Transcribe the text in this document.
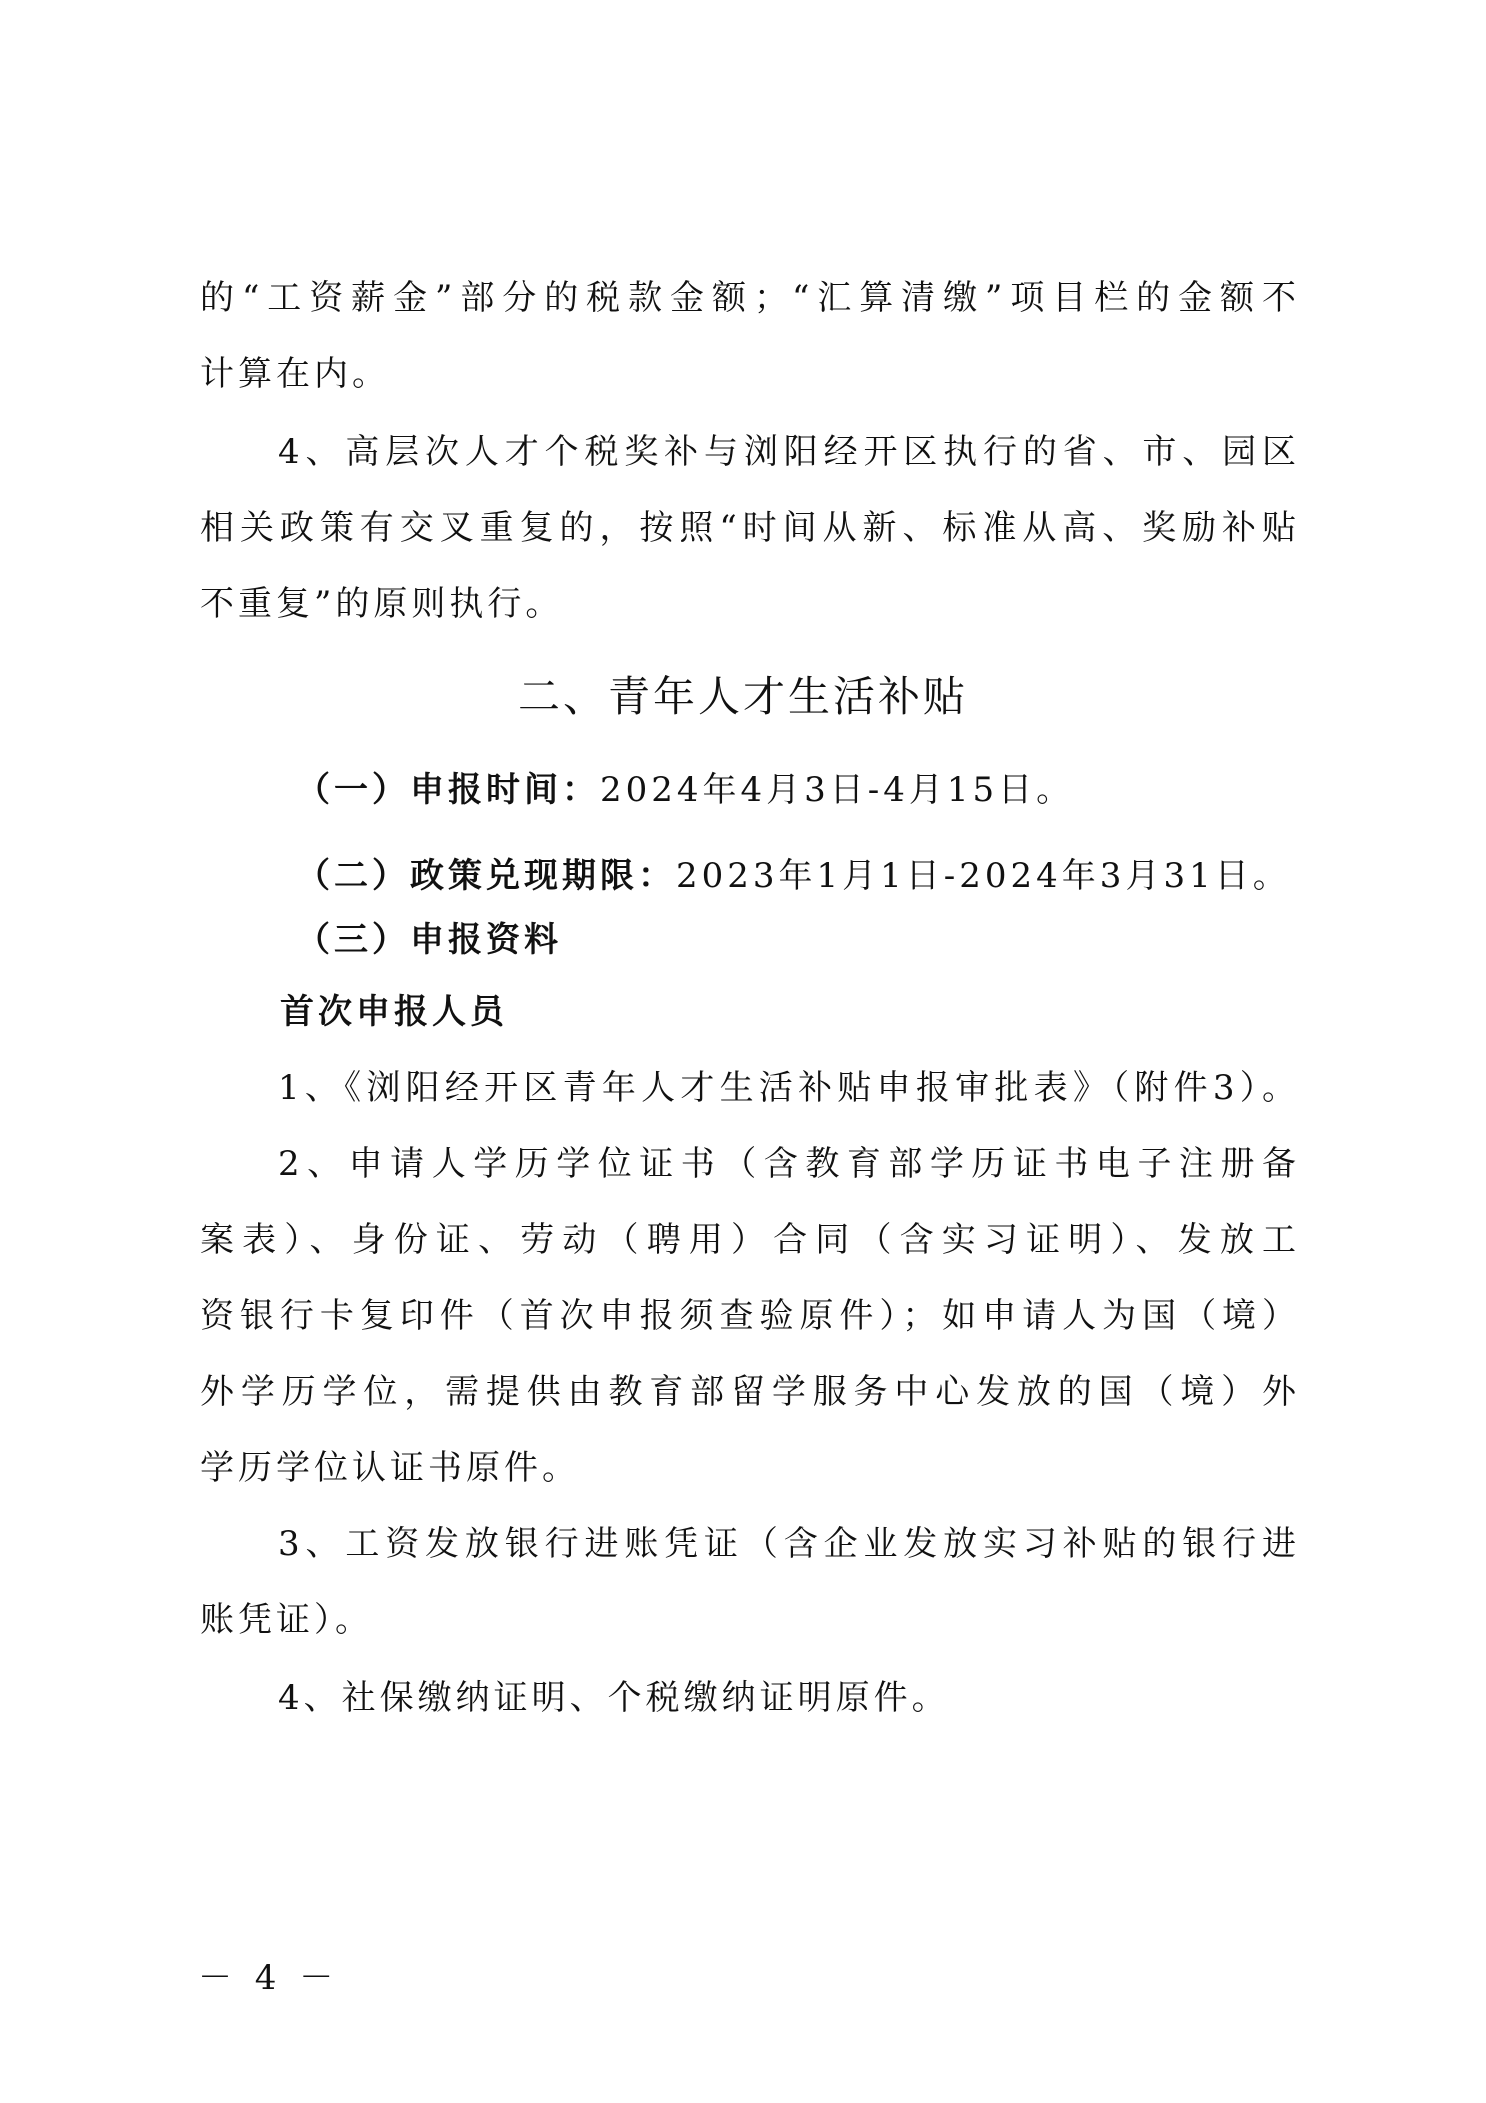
的“工资薪金”部分的税款金额；“汇算清缴”项目栏的金额不
计算在内。
4、高层次人才个税奖补与浏阳经开区执行的省、市、园区
相关政策有交叉重复的，按照“时间从新、标准从高、奖励补贴
不重复”的原则执行。
二、青年人才生活补贴
（一）申报时间：2024年4月3日-4月15日。
（二）政策兑现期限：2023年1月1日-2024年3月31日。
（三）申报资料
首次申报人员
1、《浏阳经开区青年人才生活补贴申报审批表》（附件3）。
2、申请人学历学位证书（含教育部学历证书电子注册备
案表）、身份证、劳动（聘用）合同（含实习证明）、发放工
资银行卡复印件（首次申报须查验原件）；如申请人为国（境）
外学历学位，需提供由教育部留学服务中心发放的国（境）外
学历学位认证书原件。
3、工资发放银行进账凭证（含企业发放实习补贴的银行进
账凭证）。
4、社保缴纳证明、个税缴纳证明原件。
－ 4 －
